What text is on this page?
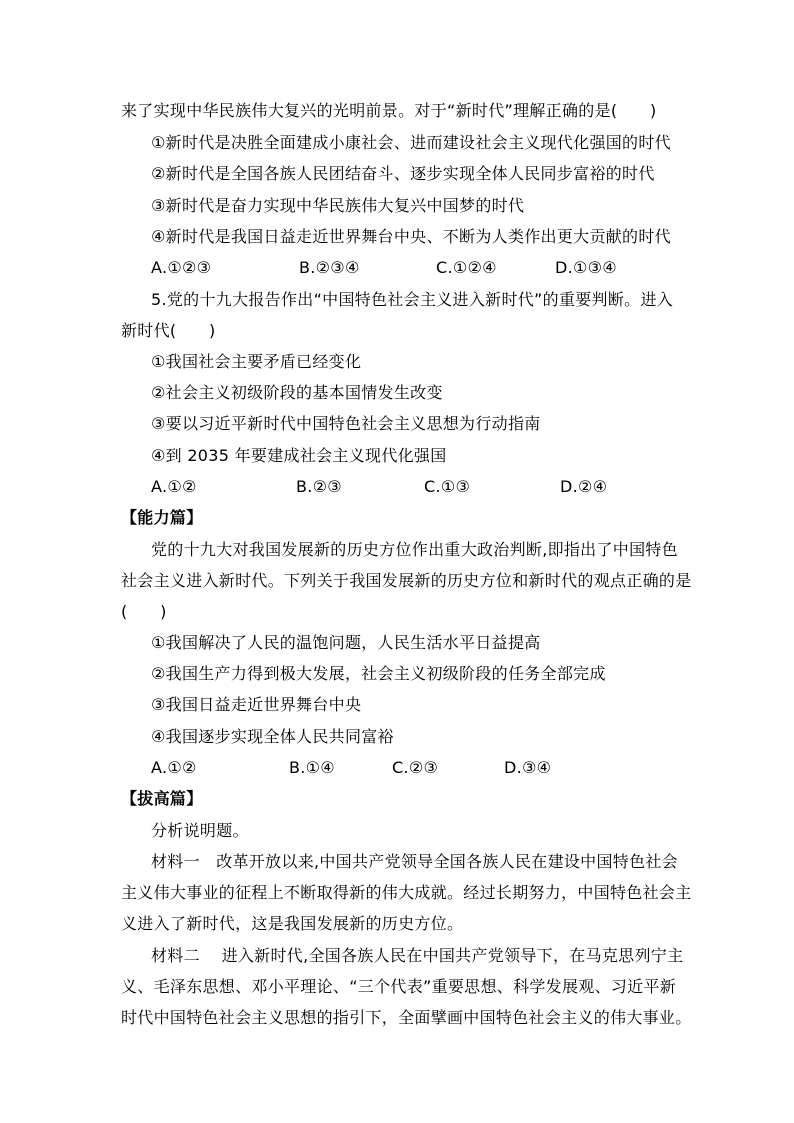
来了实现中华民族伟大复兴的光明前景。对于“新时代”理解正确的是(　　)
①新时代是决胜全面建成小康社会、进而建设社会主义现代化强国的时代
②新时代是全国各族人民团结奋斗、逐步实现全体人民同步富裕的时代
③新时代是奋力实现中华民族伟大复兴中国梦的时代
④新时代是我国日益走近世界舞台中央、不断为人类作出更大贡献的时代
A.①②③	B.②③④	C.①②④	D.①③④
5.党的十九大报告作出“中国特色社会主义进入新时代”的重要判断。进入
新时代(　　)
①我国社会主要矛盾已经变化
②社会主义初级阶段的基本国情发生改变
③要以习近平新时代中国特色社会主义思想为行动指南
④到 2035 年要建成社会主义现代化强国
A.①②	B.②③	C.①③	D.②④
【能力篇】
党的十九大对我国发展新的历史方位作出重大政治判断,即指出了中国特色
社会主义进入新时代。下列关于我国发展新的历史方位和新时代的观点正确的是
(　　)
①我国解决了人民的温饱问题，人民生活水平日益提高
②我国生产力得到极大发展，社会主义初级阶段的任务全部完成
③我国日益走近世界舞台中央
④我国逐步实现全体人民共同富裕
A.①②	B.①④	C.②③	D.③④
【拔高篇】
分析说明题。
材料一　改革开放以来,中国共产党领导全国各族人民在建设中国特色社会
主义伟大事业的征程上不断取得新的伟大成就。经过长期努力，中国特色社会主
义进入了新时代，这是我国发展新的历史方位。
材料二　 进入新时代,全国各族人民在中国共产党领导下，在马克思列宁主
义、毛泽东思想、邓小平理论、“三个代表”重要思想、科学发展观、习近平新
时代中国特色社会主义思想的指引下，全面擘画中国特色社会主义的伟大事业。
